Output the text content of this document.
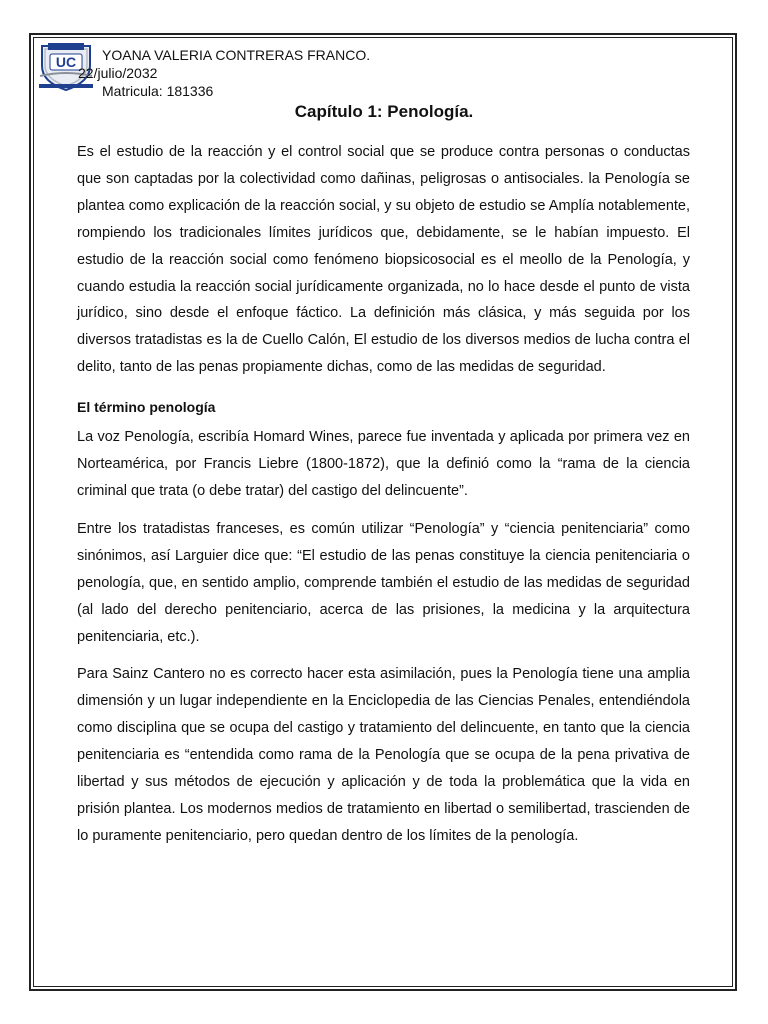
UC YOANA VALERIA CONTRERAS FRANCO.
22/julio/2032
Matricula: 181336
Capítulo 1: Penología.

Es el estudio de la reacción y el control social que se produce contra personas o conductas que son captadas por la colectividad como dañinas, peligrosas o antisociales. la Penología se plantea como explicación de la reacción social, y su objeto de estudio se Amplía notablemente, rompiendo los tradicionales límites jurídicos que, debidamente, se le habían impuesto. El estudio de la reacción social como fenómeno biopsicosocial es el meollo de la Penología, y cuando estudia la reacción social jurídicamente organizada, no lo hace desde el punto de vista jurídico, sino desde el enfoque fáctico. La definición más clásica, y más seguida por los diversos tratadistas es la de Cuello Calón, El estudio de los diversos medios de lucha contra el delito, tanto de las penas propiamente dichas, como de las medidas de seguridad.

El término penología

La voz Penología, escribía Homard Wines, parece fue inventada y aplicada por primera vez en Norteamérica, por Francis Liebre (1800-1872), que la definió como la “rama de la ciencia criminal que trata (o debe tratar) del castigo del delincuente”.

Entre los tratadistas franceses, es común utilizar “Penología” y “ciencia penitenciaria” como sinónimos, así Larguier dice que: “El estudio de las penas constituye la ciencia penitenciaria o penología, que, en sentido amplio, comprende también el estudio de las medidas de seguridad (al lado del derecho penitenciario, acerca de las prisiones, la medicina y la arquitectura penitenciaria, etc.).

Para Sainz Cantero no es correcto hacer esta asimilación, pues la Penología tiene una amplia dimensión y un lugar independiente en la Enciclopedia de las Ciencias Penales, entendiéndola como disciplina que se ocupa del castigo y tratamiento del delincuente, en tanto que la ciencia penitenciaria es “entendida como rama de la Penología que se ocupa de la pena privativa de libertad y sus métodos de ejecución y aplicación y de toda la problemática que la vida en prisión plantea. Los modernos medios de tratamiento en libertad o semilibertad, trascienden de lo puramente penitenciario, pero quedan dentro de los límites de la penología.
